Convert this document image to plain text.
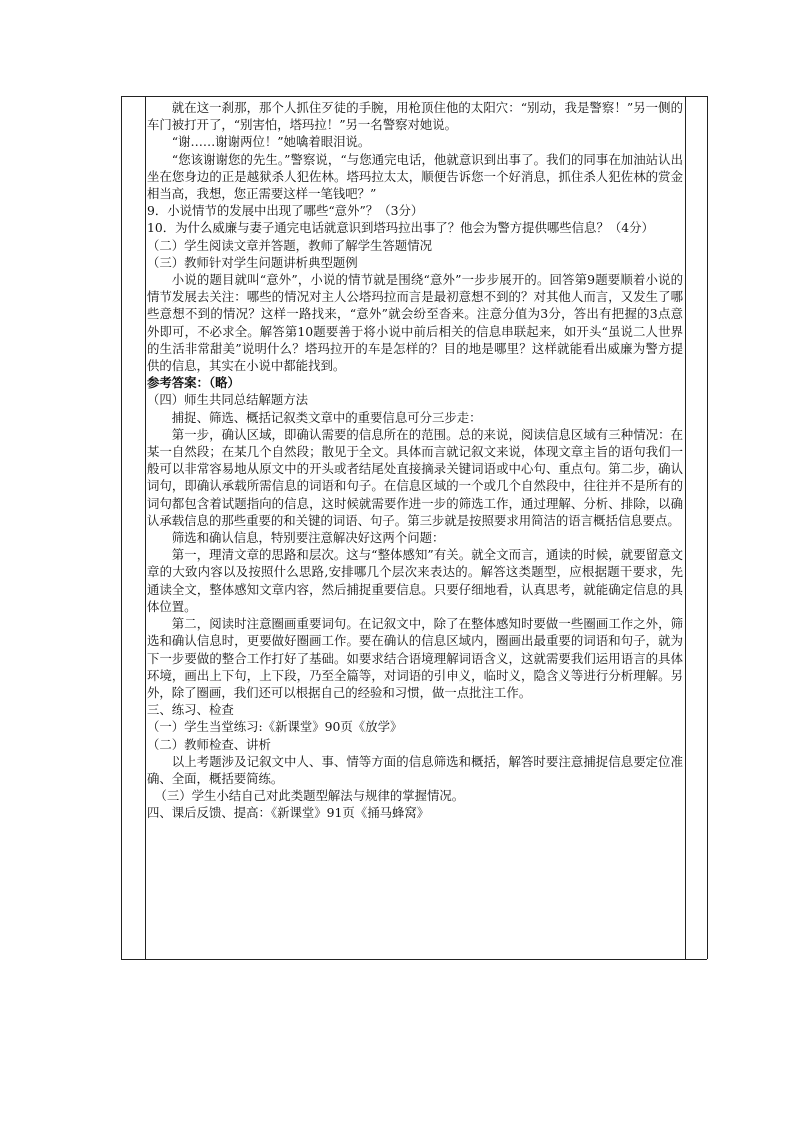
就在这一刹那，那个人抓住歹徒的手腕，用枪顶住他的太阳穴：“别动，我是警察！”另一侧的车门被打开了，“别害怕，塔玛拉！”另一名警察对她说。

“谢……谢谢两位！”她噙着眼泪说。

“您该谢谢您的先生。”警察说，“与您通完电话，他就意识到出事了。我们的同事在加油站认出坐在您身边的正是越狱杀人犯佐林。塔玛拉太太，顺便告诉您一个好消息，抓住杀人犯佐林的赏金相当高，我想，您正需要这样一笔钱吧？”

9．小说情节的发展中出现了哪些“意外”？（3分）

10．为什么威廉与妻子通完电话就意识到塔玛拉出事了？他会为警方提供哪些信息？（4分）

（二）学生阅读文章并答题，教师了解学生答题情况

（三）教师针对学生问题讲析典型题例

小说的题目就叫“意外”，小说的情节就是围绕“意外”一步步展开的。回答第9题要顺着小说的情节发展去关注：哪些的情况对主人公塔玛拉而言是最初意想不到的？对其他人而言，又发生了哪些意想不到的情况？这样一路找来，“意外”就会纷至沓来。注意分值为3分，答出有把握的3点意外即可，不必求全。解答第10题要善于将小说中前后相关的信息串联起来，如开头“虽说二人世界的生活非常甜美”说明什么？塔玛拉开的车是怎样的？目的地是哪里？这样就能看出威廉为警方提供的信息，其实在小说中都能找到。

参考答案：（略）

（四）师生共同总结解题方法

捕捉、筛选、概括记叙类文章中的重要信息可分三步走：

第一步，确认区域，即确认需要的信息所在的范围。总的来说，阅读信息区域有三种情况：在某一自然段；在某几个自然段；散见于全文。具体而言就记叙文来说，体现文章主旨的语句我们一般可以非常容易地从原文中的开头或者结尾处直接摘录关键词语或中心句、重点句。第二步，确认词句，即确认承载所需信息的词语和句子。在信息区域的一个或几个自然段中，往往并不是所有的词句都包含着试题指向的信息，这时候就需要作进一步的筛选工作，通过理解、分析、排除，以确认承载信息的那些重要的和关键的词语、句子。第三步就是按照要求用简洁的语言概括信息要点。

筛选和确认信息，特别要注意解决好这两个问题：

第一，理清文章的思路和层次。这与“整体感知”有关。就全文而言，通读的时候，就要留意文章的大致内容以及按照什么思路,安排哪几个层次来表达的。解答这类题型，应根据题干要求，先通读全文，整体感知文章内容，然后捕捉重要信息。只要仔细地看，认真思考，就能确定信息的具体位置。

第二，阅读时注意圈画重要词句。在记叙文中，除了在整体感知时要做一些圈画工作之外，筛选和确认信息时，更要做好圈画工作。要在确认的信息区域内，圈画出最重要的词语和句子，就为下一步要做的整合工作打好了基础。如要求结合语境理解词语含义，这就需要我们运用语言的具体环境，画出上下句，上下段，乃至全篇等，对词语的引申义，临时义，隐含义等进行分析理解。另外，除了圈画，我们还可以根据自己的经验和习惯，做一点批注工作。

三、练习、检查

（一）学生当堂练习:《新课堂》90页《放学》

（二）教师检查、讲析

以上考题涉及记叙文中人、事、情等方面的信息筛选和概括，解答时要注意捕捉信息要定位准确、全面，概括要简练。

（三）学生小结自己对此类题型解法与规律的掌握情况。

四、课后反馈、提高：《新课堂》91页《捅马蜂窝》
